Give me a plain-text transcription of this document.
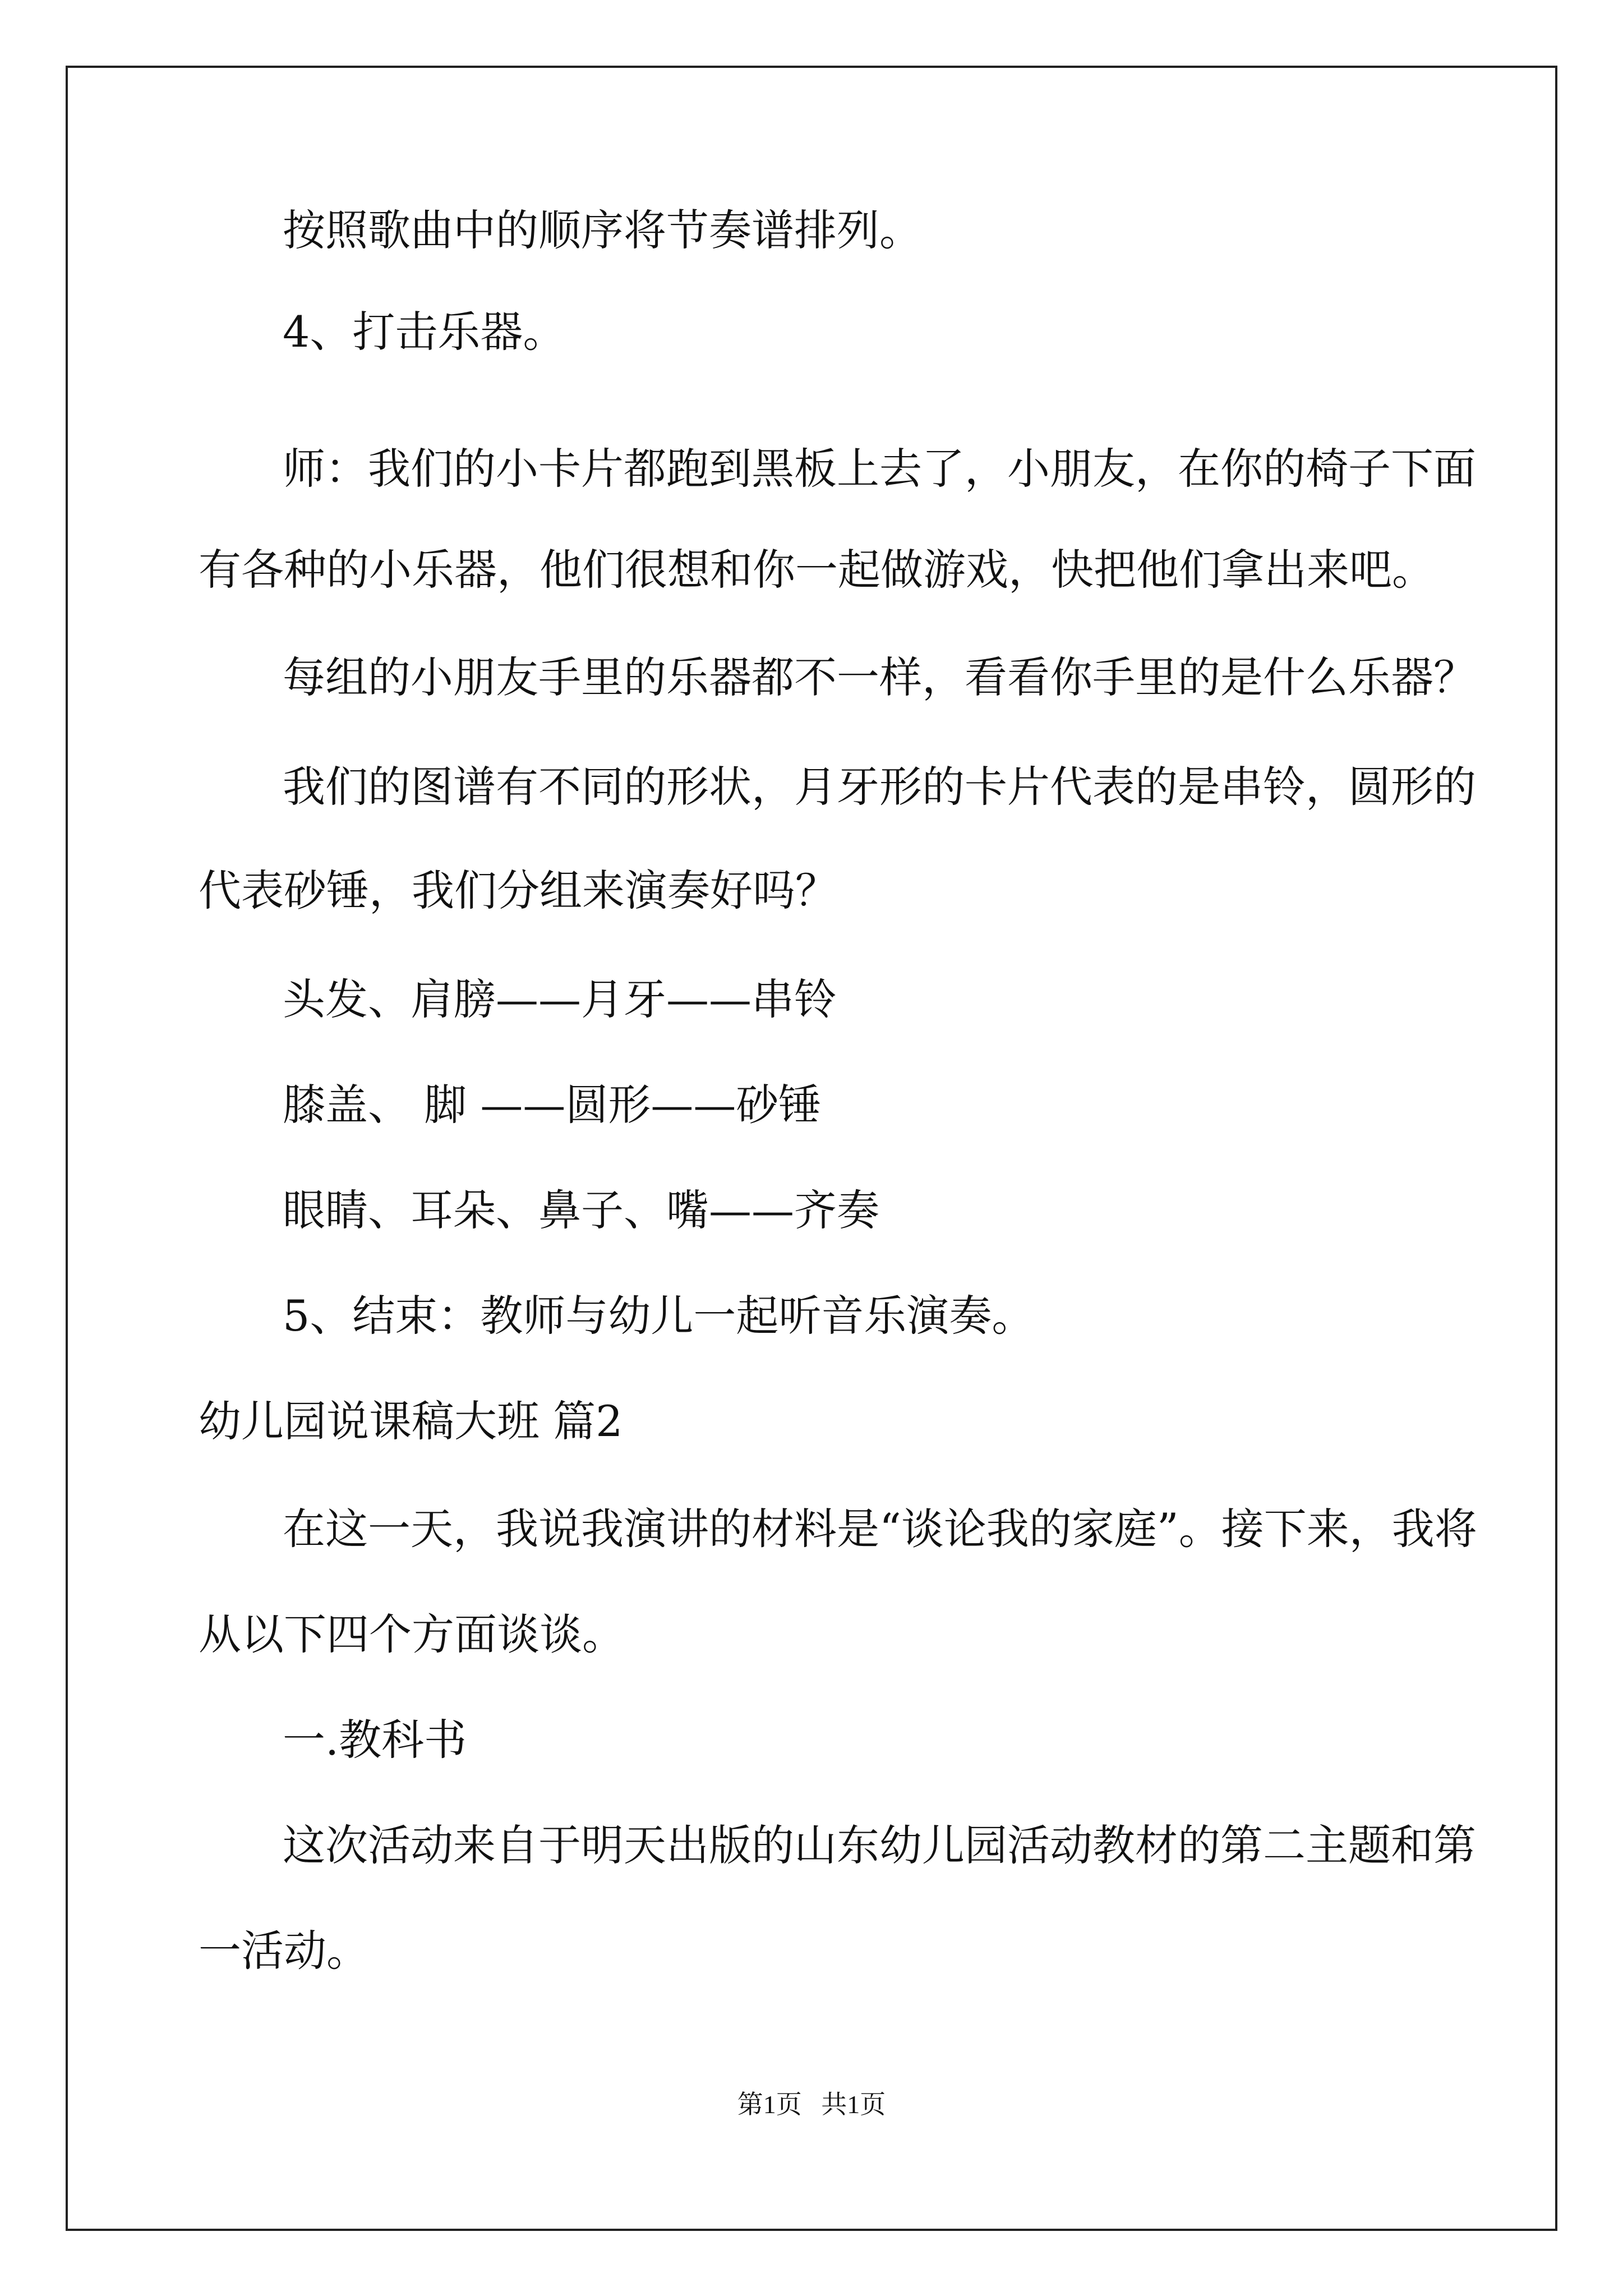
按照歌曲中的顺序将节奏谱排列。

4、打击乐器。

师：我们的小卡片都跑到黑板上去了，小朋友，在你的椅子下面

有各种的小乐器，他们很想和你一起做游戏，快把他们拿出来吧。

每组的小朋友手里的乐器都不一样，看看你手里的是什么乐器？

我们的图谱有不同的形状，月牙形的卡片代表的是串铃，圆形的

代表砂锤，我们分组来演奏好吗？

头发、肩膀——月牙——串铃

膝盖、 脚 ——圆形——砂锤

眼睛、耳朵、鼻子、嘴——齐奏

5、结束：教师与幼儿一起听音乐演奏。

幼儿园说课稿大班 篇2

在这一天，我说我演讲的材料是“谈论我的家庭”。接下来，我将

从以下四个方面谈谈。

一.教科书

这次活动来自于明天出版的山东幼儿园活动教材的第二主题和第

一活动。

第1页   共1页
